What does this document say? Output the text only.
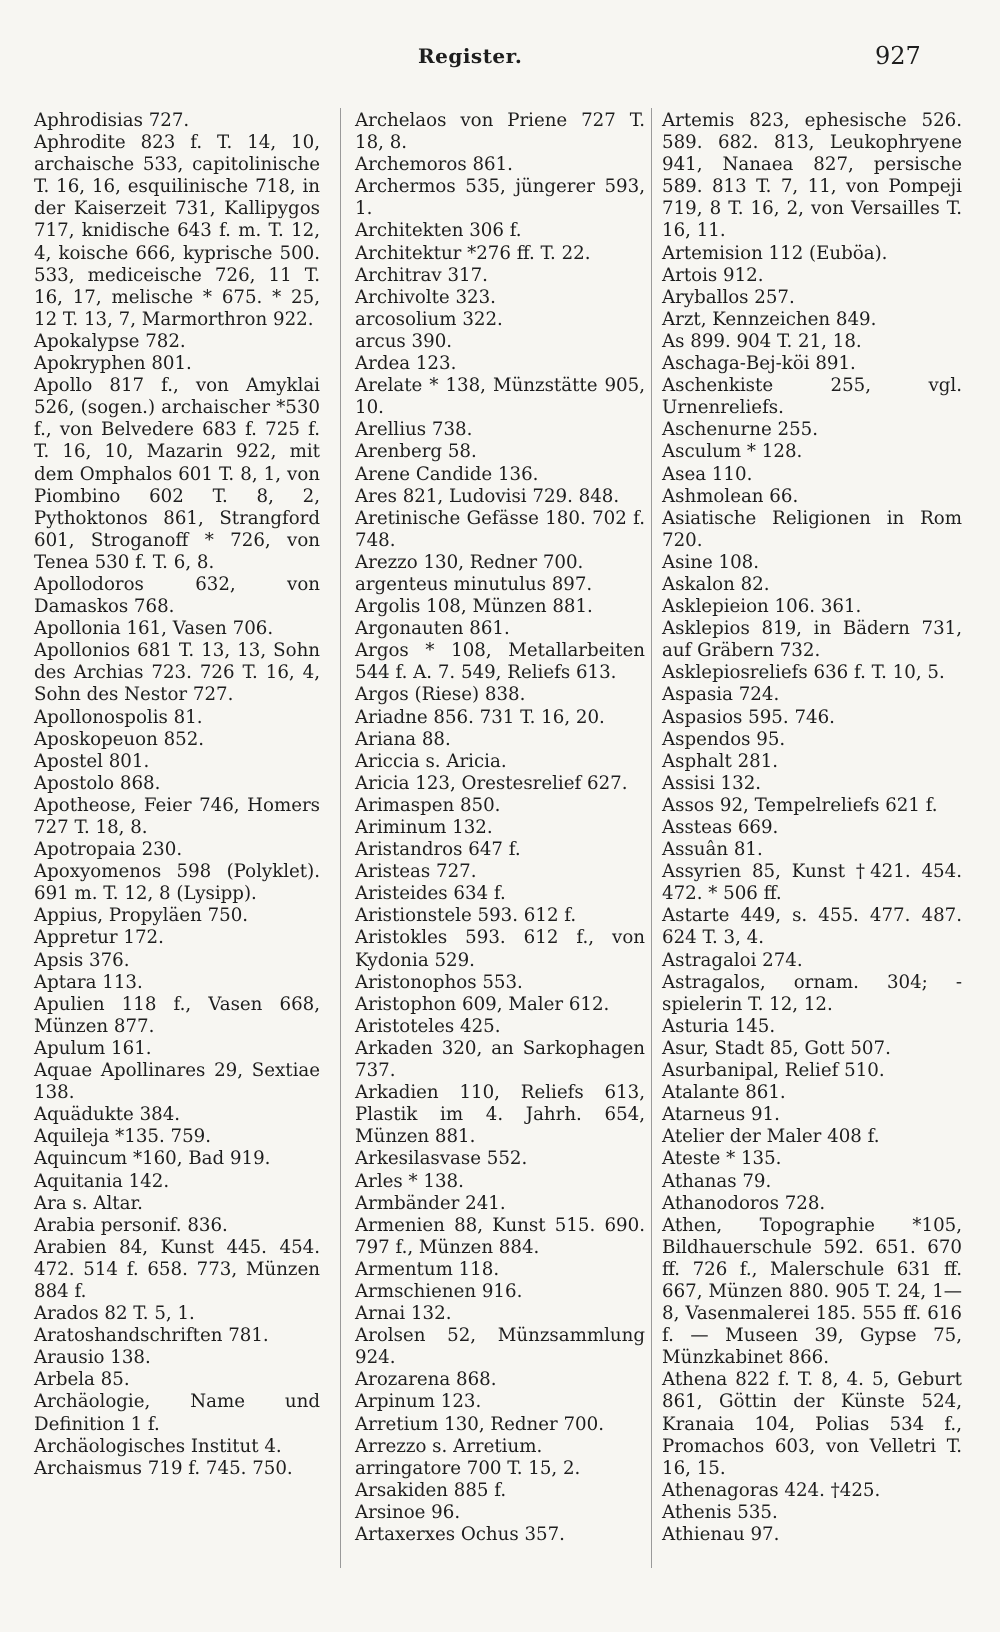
Register.	927

Aphrodisias 727.

Aphrodite 823 f. T. 14, 10, archaische 533, capitolinische T. 16, 16, esquilinische 718, in der Kaiserzeit 731, Kallipygos 717, knidische 643 f. m. T. 12, 4, koische 666, kyprische 500. 533, mediceische 726, 11 T. 16, 17, melische * 675. * 25, 12 T. 13, 7, Marmorthron 922.

Apokalypse 782.

Apokryphen 801.

Apollo 817 f., von Amyklai 526, (sogen.) archaischer *530 f., von Belvedere 683 f. 725 f. T. 16, 10, Mazarin 922, mit dem Omphalos 601 T. 8, 1, von Piombino 602 T. 8, 2, Pythoktonos 861, Strangford 601, Stroganoff * 726, von Tenea 530 f. T. 6, 8.

Apollodoros 632, von Damaskos 768.

Apollonia 161, Vasen 706.

Apollonios 681 T. 13, 13, Sohn des Archias 723. 726 T. 16, 4, Sohn des Nestor 727.

Apollonospolis 81.

Aposkopeuon 852.

Apostel 801.

Apostolo 868.

Apotheose, Feier 746, Homers 727 T. 18, 8.

Apotropaia 230.

Apoxyomenos 598 (Polyklet). 691 m. T. 12, 8 (Lysipp).

Appius, Propyläen 750.

Appretur 172.

Apsis 376.

Aptara 113.

Apulien 118 f., Vasen 668, Münzen 877.

Apulum 161.

Aquae Apollinares 29, Sextiae 138.

Aquädukte 384.

Aquileja *135. 759.

Aquincum *160, Bad 919.

Aquitania 142.

Ara s. Altar.

Arabia personif. 836.

Arabien 84, Kunst 445. 454. 472. 514 f. 658. 773, Münzen 884 f.

Arados 82 T. 5, 1.

Aratoshandschriften 781.

Arausio 138.

Arbela 85.

Archäologie, Name und Definition 1 f.

Archäologisches Institut 4.

Archaismus 719 f. 745. 750.

Archelaos von Priene 727 T. 18, 8.

Archemoros 861.

Archermos 535, jüngerer 593, 1.

Architekten 306 f.

Architektur *276 ff. T. 22.

Architrav 317.

Archivolte 323.

arcosolium 322.

arcus 390.

Ardea 123.

Arelate * 138, Münzstätte 905, 10.

Arellius 738.

Arenberg 58.

Arene Candide 136.

Ares 821, Ludovisi 729. 848.

Aretinische Gefässe 180. 702 f. 748.

Arezzo 130, Redner 700.

argenteus minutulus 897.

Argolis 108, Münzen 881.

Argonauten 861.

Argos * 108, Metallarbeiten 544 f. A. 7. 549, Reliefs 613.

Argos (Riese) 838.

Ariadne 856. 731 T. 16, 20.

Ariana 88.

Ariccia s. Aricia.

Aricia 123, Orestesrelief 627.

Arimaspen 850.

Ariminum 132.

Aristandros 647 f.

Aristeas 727.

Aristeides 634 f.

Aristionstele 593. 612 f.

Aristokles 593. 612 f., von Kydonia 529.

Aristonophos 553.

Aristophon 609, Maler 612.

Aristoteles 425.

Arkaden 320, an Sarkophagen 737.

Arkadien 110, Reliefs 613, Plastik im 4. Jahrh. 654, Münzen 881.

Arkesilasvase 552.

Arles * 138.

Armbänder 241.

Armenien 88, Kunst 515. 690. 797 f., Münzen 884.

Armentum 118.

Armschienen 916.

Arnai 132.

Arolsen 52, Münzsammlung 924.

Arozarena 868.

Arpinum 123.

Arretium 130, Redner 700.

Arrezzo s. Arretium.

arringatore 700 T. 15, 2.

Arsakiden 885 f.

Arsinoe 96.

Artaxerxes Ochus 357.

Artemis 823, ephesische 526. 589. 682. 813, Leukophryene 941, Nanaea 827, persische 589. 813 T. 7, 11, von Pompeji 719, 8 T. 16, 2, von Versailles T. 16, 11.

Artemision 112 (Euböa).

Artois 912.

Aryballos 257.

Arzt, Kennzeichen 849.

As 899. 904 T. 21, 18.

Aschaga-Bej-köi 891.

Aschenkiste 255, vgl. Urnenreliefs.

Aschenurne 255.

Asculum * 128.

Asea 110.

Ashmolean 66.

Asiatische Religionen in Rom 720.

Asine 108.

Askalon 82.

Asklepieion 106. 361.

Asklepios 819, in Bädern 731, auf Gräbern 732.

Asklepiosreliefs 636 f. T. 10, 5.

Aspasia 724.

Aspasios 595. 746.

Aspendos 95.

Asphalt 281.

Assisi 132.

Assos 92, Tempelreliefs 621 f.

Assteas 669.

Assuân 81.

Assyrien 85, Kunst †421. 454. 472. * 506 ff.

Astarte 449, s. 455. 477. 487. 624 T. 3, 4.

Astragaloi 274.

Astragalos, ornam. 304; -spielerin T. 12, 12.

Asturia 145.

Asur, Stadt 85, Gott 507.

Asurbanipal, Relief 510.

Atalante 861.

Atarneus 91.

Atelier der Maler 408 f.

Ateste * 135.

Athanas 79.

Athanodoros 728.

Athen, Topographie *105, Bildhauerschule 592. 651. 670 ff. 726 f., Malerschule 631 ff. 667, Münzen 880. 905 T. 24, 1—8, Vasenmalerei 185. 555 ff. 616 f. — Museen 39, Gypse 75, Münzkabinet 866.

Athena 822 f. T. 8, 4. 5, Geburt 861, Göttin der Künste 524, Kranaia 104, Polias 534 f., Promachos 603, von Velletri T. 16, 15.

Athenagoras 424. †425.

Athenis 535.

Athienau 97.
